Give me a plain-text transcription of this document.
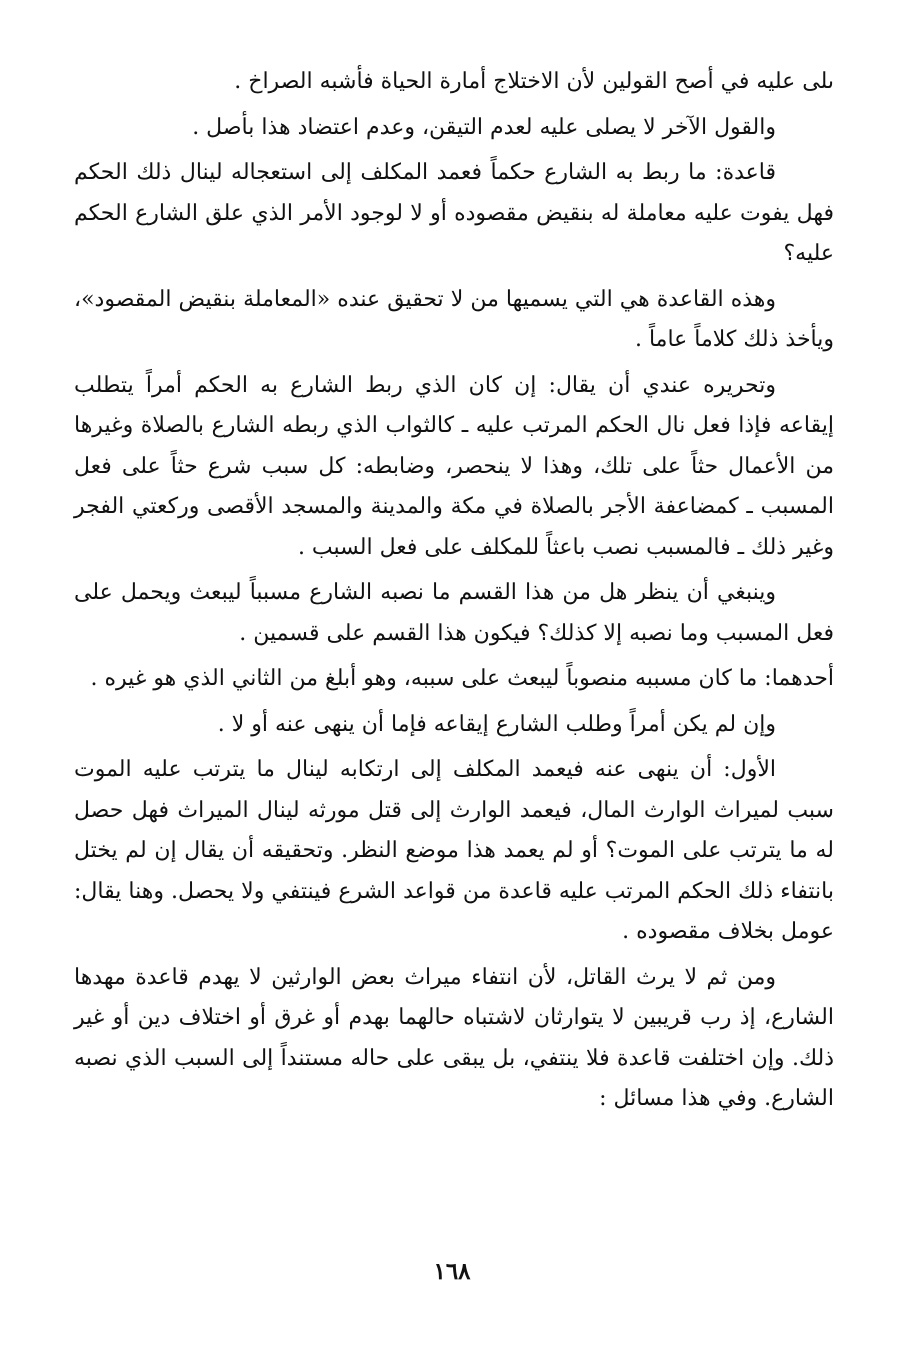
ىلى عليه في أصح القولين لأن الاختلاج أمارة الحياة فأشبه الصراخ .

والقول الآخر لا يصلى عليه لعدم التيقن، وعدم اعتضاد هذا بأصل .

قاعدة: ما ربط به الشارع حكماً فعمد المكلف إلى استعجاله لينال ذلك الحكم فهل يفوت عليه معاملة له بنقيض مقصوده أو لا لوجود الأمر الذي علق الشارع الحكم عليه؟

وهذه القاعدة هي التي يسميها من لا تحقيق عنده «المعاملة بنقيض المقصود»، ويأخذ ذلك كلاماً عاماً .

وتحريره عندي أن يقال: إن كان الذي ربط الشارع به الحكم أمراً يتطلب إيقاعه فإذا فعل نال الحكم المرتب عليه ـ كالثواب الذي ربطه الشارع بالصلاة وغيرها من الأعمال حثاً على تلك، وهذا لا ينحصر، وضابطه: كل سبب شرع حثاً على فعل المسبب ـ كمضاعفة الأجر بالصلاة في مكة والمدينة والمسجد الأقصى وركعتي الفجر وغير ذلك ـ فالمسبب نصب باعثاً للمكلف على فعل السبب .

وينبغي أن ينظر هل من هذا القسم ما نصبه الشارع مسبباً ليبعث ويحمل على فعل المسبب وما نصبه إلا كذلك؟ فيكون هذا القسم على قسمين .

أحدهما: ما كان مسببه منصوباً ليبعث على سببه، وهو أبلغ من الثاني الذي هو غيره .

وإن لم يكن أمراً وطلب الشارع إيقاعه فإما أن ينهى عنه أو لا .

الأول: أن ينهى عنه فيعمد المكلف إلى ارتكابه لينال ما يترتب عليه الموت سبب لميراث الوارث المال، فيعمد الوارث إلى قتل مورثه لينال الميراث فهل حصل له ما يترتب على الموت؟ أو لم يعمد هذا موضع النظر. وتحقيقه أن يقال إن لم يختل بانتفاء ذلك الحكم المرتب عليه قاعدة من قواعد الشرع فينتفي ولا يحصل. وهنا يقال: عومل بخلاف مقصوده .

ومن ثم لا يرث القاتل، لأن انتفاء ميراث بعض الوارثين لا يهدم قاعدة مهدها الشارع، إذ رب قريبين لا يتوارثان لاشتباه حالهما بهدم أو غرق أو اختلاف دين أو غير ذلك. وإن اختلفت قاعدة فلا ينتفي، بل يبقى على حاله مستنداً إلى السبب الذي نصبه الشارع. وفي هذا مسائل :

١٦٨
